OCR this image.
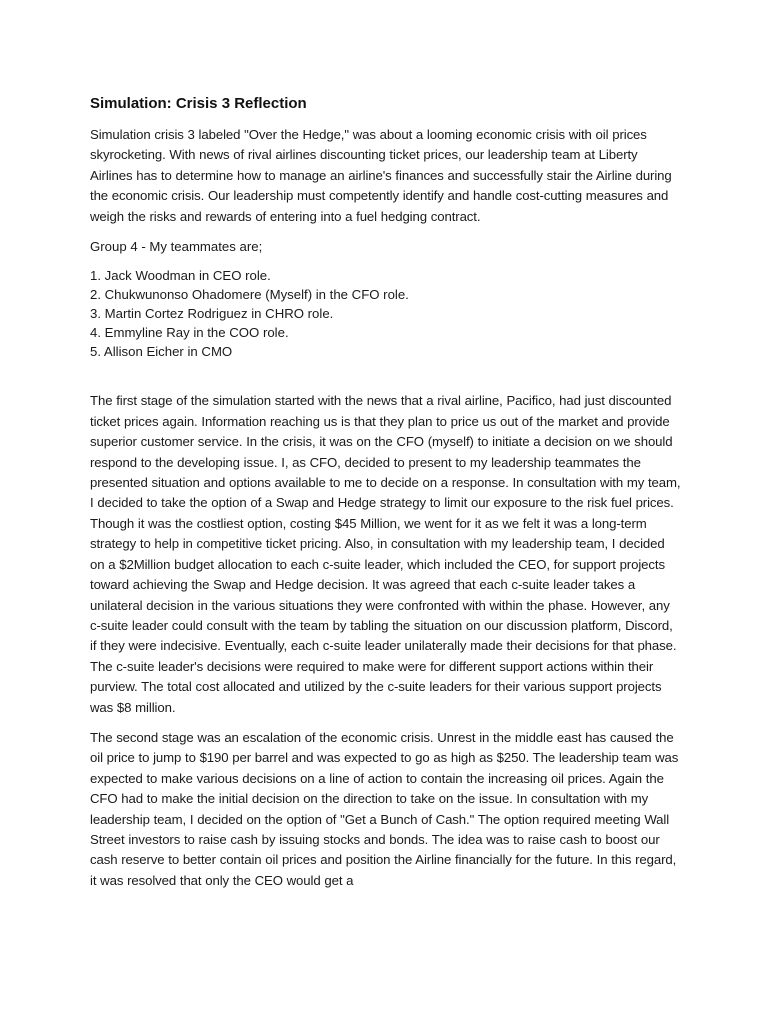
Simulation: Crisis 3 Reflection

Simulation crisis 3 labeled "Over the Hedge," was about a looming economic crisis with oil prices skyrocketing. With news of rival airlines discounting ticket prices, our leadership team at Liberty Airlines has to determine how to manage an airline's finances and successfully stair the Airline during the economic crisis. Our leadership must competently identify and handle cost-cutting measures and weigh the risks and rewards of entering into a fuel hedging contract.

Group 4 - My teammates are;

1. Jack Woodman in CEO role.
2. Chukwunonso Ohadomere (Myself) in the CFO role.
3. Martin Cortez Rodriguez in CHRO role.
4. Emmyline Ray in the COO role.
5. Allison Eicher in CMO

The first stage of the simulation started with the news that a rival airline, Pacifico, had just discounted ticket prices again. Information reaching us is that they plan to price us out of the market and provide superior customer service. In the crisis, it was on the CFO (myself) to initiate a decision on we should respond to the developing issue. I, as CFO, decided to present to my leadership teammates the presented situation and options available to me to decide on a response. In consultation with my team, I decided to take the option of a Swap and Hedge strategy to limit our exposure to the risk fuel prices. Though it was the costliest option, costing $45 Million, we went for it as we felt it was a long-term strategy to help in competitive ticket pricing. Also, in consultation with my leadership team, I decided on a $2Million budget allocation to each c-suite leader, which included the CEO, for support projects toward achieving the Swap and Hedge decision. It was agreed that each c-suite leader takes a unilateral decision in the various situations they were confronted with within the phase. However, any c-suite leader could consult with the team by tabling the situation on our discussion platform, Discord, if they were indecisive. Eventually, each c-suite leader unilaterally made their decisions for that phase. The c-suite leader's decisions were required to make were for different support actions within their purview. The total cost allocated and utilized by the c-suite leaders for their various support projects was $8 million.

The second stage was an escalation of the economic crisis. Unrest in the middle east has caused the oil price to jump to $190 per barrel and was expected to go as high as $250. The leadership team was expected to make various decisions on a line of action to contain the increasing oil prices. Again the CFO had to make the initial decision on the direction to take on the issue. In consultation with my leadership team, I decided on the option of "Get a Bunch of Cash." The option required meeting Wall Street investors to raise cash by issuing stocks and bonds. The idea was to raise cash to boost our cash reserve to better contain oil prices and position the Airline financially for the future. In this regard, it was resolved that only the CEO would get a
